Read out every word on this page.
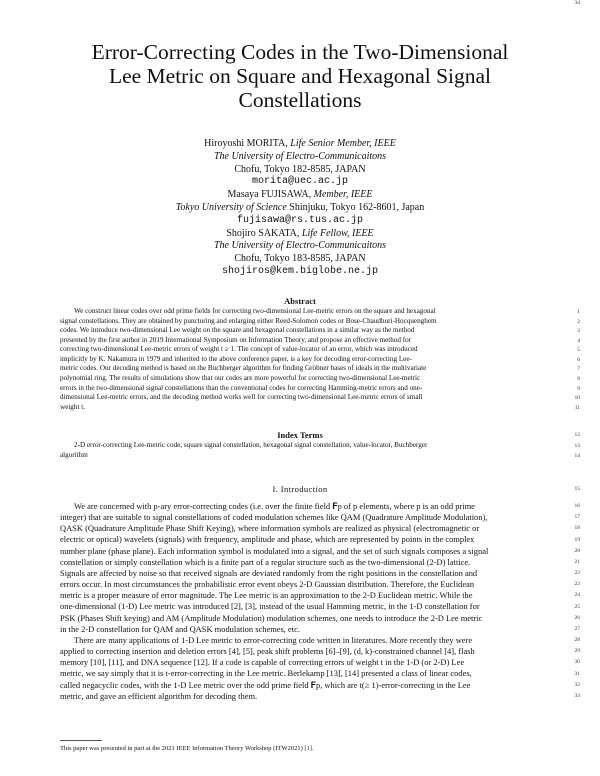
Error-Correcting Codes in the Two-Dimensional
Lee Metric on Square and Hexagonal Signal
Constellations
Hiroyoshi MORITA, Life Senior Member, IEEE
The University of Electro-Communicaitons
Chofu, Tokyo 182-8585, JAPAN
morita@uec.ac.jp
Masaya FUJISAWA, Member, IEEE
Tokyo University of Science Shinjuku, Tokyo 162-8601, Japan
fujisawa@rs.tus.ac.jp
Shojiro SAKATA, Life Fellow, IEEE
The University of Electro-Communicaitons
Chofu, Tokyo 183-8585, JAPAN
shojiros@kem.biglobe.ne.jp
Abstract
We construct linear codes over odd prime fields for correcting two-dimensional Lee-metric errors on the square and hexagonal
signal constellations. They are obtained by puncturing and enlarging either Reed-Solomon codes or Bose-Chaudhuri-Hocquenghem
codes. We introduce two-dimensional Lee weight on the square and hexagonal constellations in a similar way as the method
presented by the first author in 2019 International Symposium on Information Theory, and propose an effective method for
correcting two-dimensional Lee-metric errors of weight t ≥ 1. The concept of value-locator of an error, which was introduced
implicitly by K. Nakamura in 1979 and inherited to the above conference paper, is a key for decoding error-correcting Lee-
metric codes. Our decoding method is based on the Buchberger algorithm for finding Gröbner bases of ideals in the multivariate
polynomial ring. The results of simulations show that our codes are more powerful for correcting two-dimensional Lee-metric
errors in the two-dimensional signal constellations than the conventional codes for correcting Hamming-metric errors and one-
dimensional Lee-metric errors, and the decoding method works well for correcting two-dimensional Lee-metric errors of small
weight t.
Index Terms
2-D error-correcting Lee-metric code, square signal constellation, hexagonal signal constellation, value-locator, Buchberger
algorithm
I. Introduction
We are concerned with p-ary error-correcting codes (i.e. over the finite field 𝐅p of p elements, where p is an odd prime
integer) that are suitable to signal constellations of coded modulation schemes like QAM (Quadrature Amplitude Modulation),
QASK (Quadrature Amplitude Phase Shift Keying), where information symbols are realized as physical (electromagnetic or
electric or optical) wavelets (signals) with frequency, amplitude and phase, which are represented by points in the complex
number plane (phase plane). Each information symbol is modulated into a signal, and the set of such signals composes a signal
constellation or simply constellation which is a finite part of a regular structure such as the two-dimensional (2-D) lattice.
Signals are affected by noise so that received signals are deviated randomly from the right positions in the constellation and
errors occur. In most circumstances the probabilistic error event obeys 2-D Gaussian distribution. Therefore, the Euclidean
metric is a proper measure of error magnitude. The Lee metric is an approximation to the 2-D Euclidean metric. While the
one-dimensional (1-D) Lee metric was introduced [2], [3], instead of the usual Hamming metric, in the 1-D constellation for
PSK (Phases Shift keying) and AM (Amplitude Modulation) modulation schemes, one needs to introduce the 2-D Lee metric
in the 2-D constellation for QAM and QASK modulation schemes, etc.
There are many applications of 1-D Lee metric to error-correcting code written in literatures. More recently they were
applied to correcting insertion and deletion errors [4], [5], peak shift problems [6]–[9], (d, k)-constrained channel [4], flash
memory [10], [11], and DNA sequence [12]. If a code is capable of correcting errors of weight t in the 1-D (or 2-D) Lee
metric, we say simply that it is t-error-correcting in the Lee metric. Berlekamp [13], [14] presented a class of linear codes,
called negacyclic codes, with the 1-D Lee metric over the odd prime field 𝐅p, which are t(≥ 1)-error-correcting in the Lee
metric, and gave an efficient algorithm for decoding them.
1
2
3
4
5
6
7
8
9
10
11
12
13
14
15
16
17
18
19
20
21
22
23
24
25
26
27
28
29
30
31
32
33
34
This paper was presented in part at the 2021 IEEE Information Theory Workshop (ITW2021) [1].
